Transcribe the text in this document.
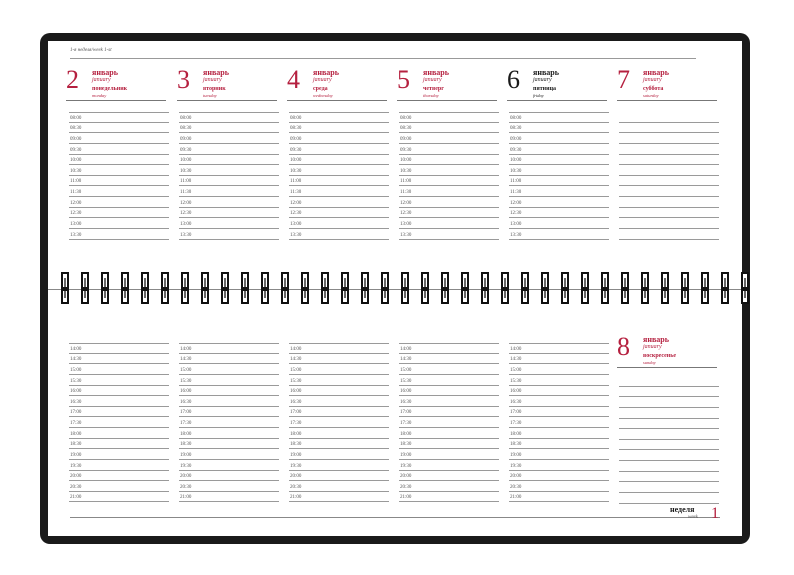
1-я неделя/week 1-st
2 январь
january
понедельник
monday
3 январь
january
вторник
tuesday
4 январь
january
среда
wednesday
5 январь
january
четверг
thursday
6 январь
january
пятница
friday
7 январь
january
суббота
saturday
08:00
08:30
09:00
09:30
10:00
10:30
11:00
11:30
12:00
12:30
13:00
13:30
08:00
08:30
09:00
09:30
10:00
10:30
11:00
11:30
12:00
12:30
13:00
13:30
08:00
08:30
09:00
09:30
10:00
10:30
11:00
11:30
12:00
12:30
13:00
13:30
08:00
08:30
09:00
09:30
10:00
10:30
11:00
11:30
12:00
12:30
13:00
13:30
08:00
08:30
09:00
09:30
10:00
10:30
11:00
11:30
12:00
12:30
13:00
13:30
8 январь
january
воскресенье
sunday
14:00
14:30
15:00
15:30
16:00
16:30
17:00
17:30
18:00
18:30
19:00
19:30
20:00
20:30
21:00
14:00
14:30
15:00
15:30
16:00
16:30
17:00
17:30
18:00
18:30
19:00
19:30
20:00
20:30
21:00
14:00
14:30
15:00
15:30
16:00
16:30
17:00
17:30
18:00
18:30
19:00
19:30
20:00
20:30
21:00
14:00
14:30
15:00
15:30
16:00
16:30
17:00
17:30
18:00
18:30
19:00
19:30
20:00
20:30
21:00
14:00
14:30
15:00
15:30
16:00
16:30
17:00
17:30
18:00
18:30
19:00
19:30
20:00
20:30
21:00
неделя
week 1
